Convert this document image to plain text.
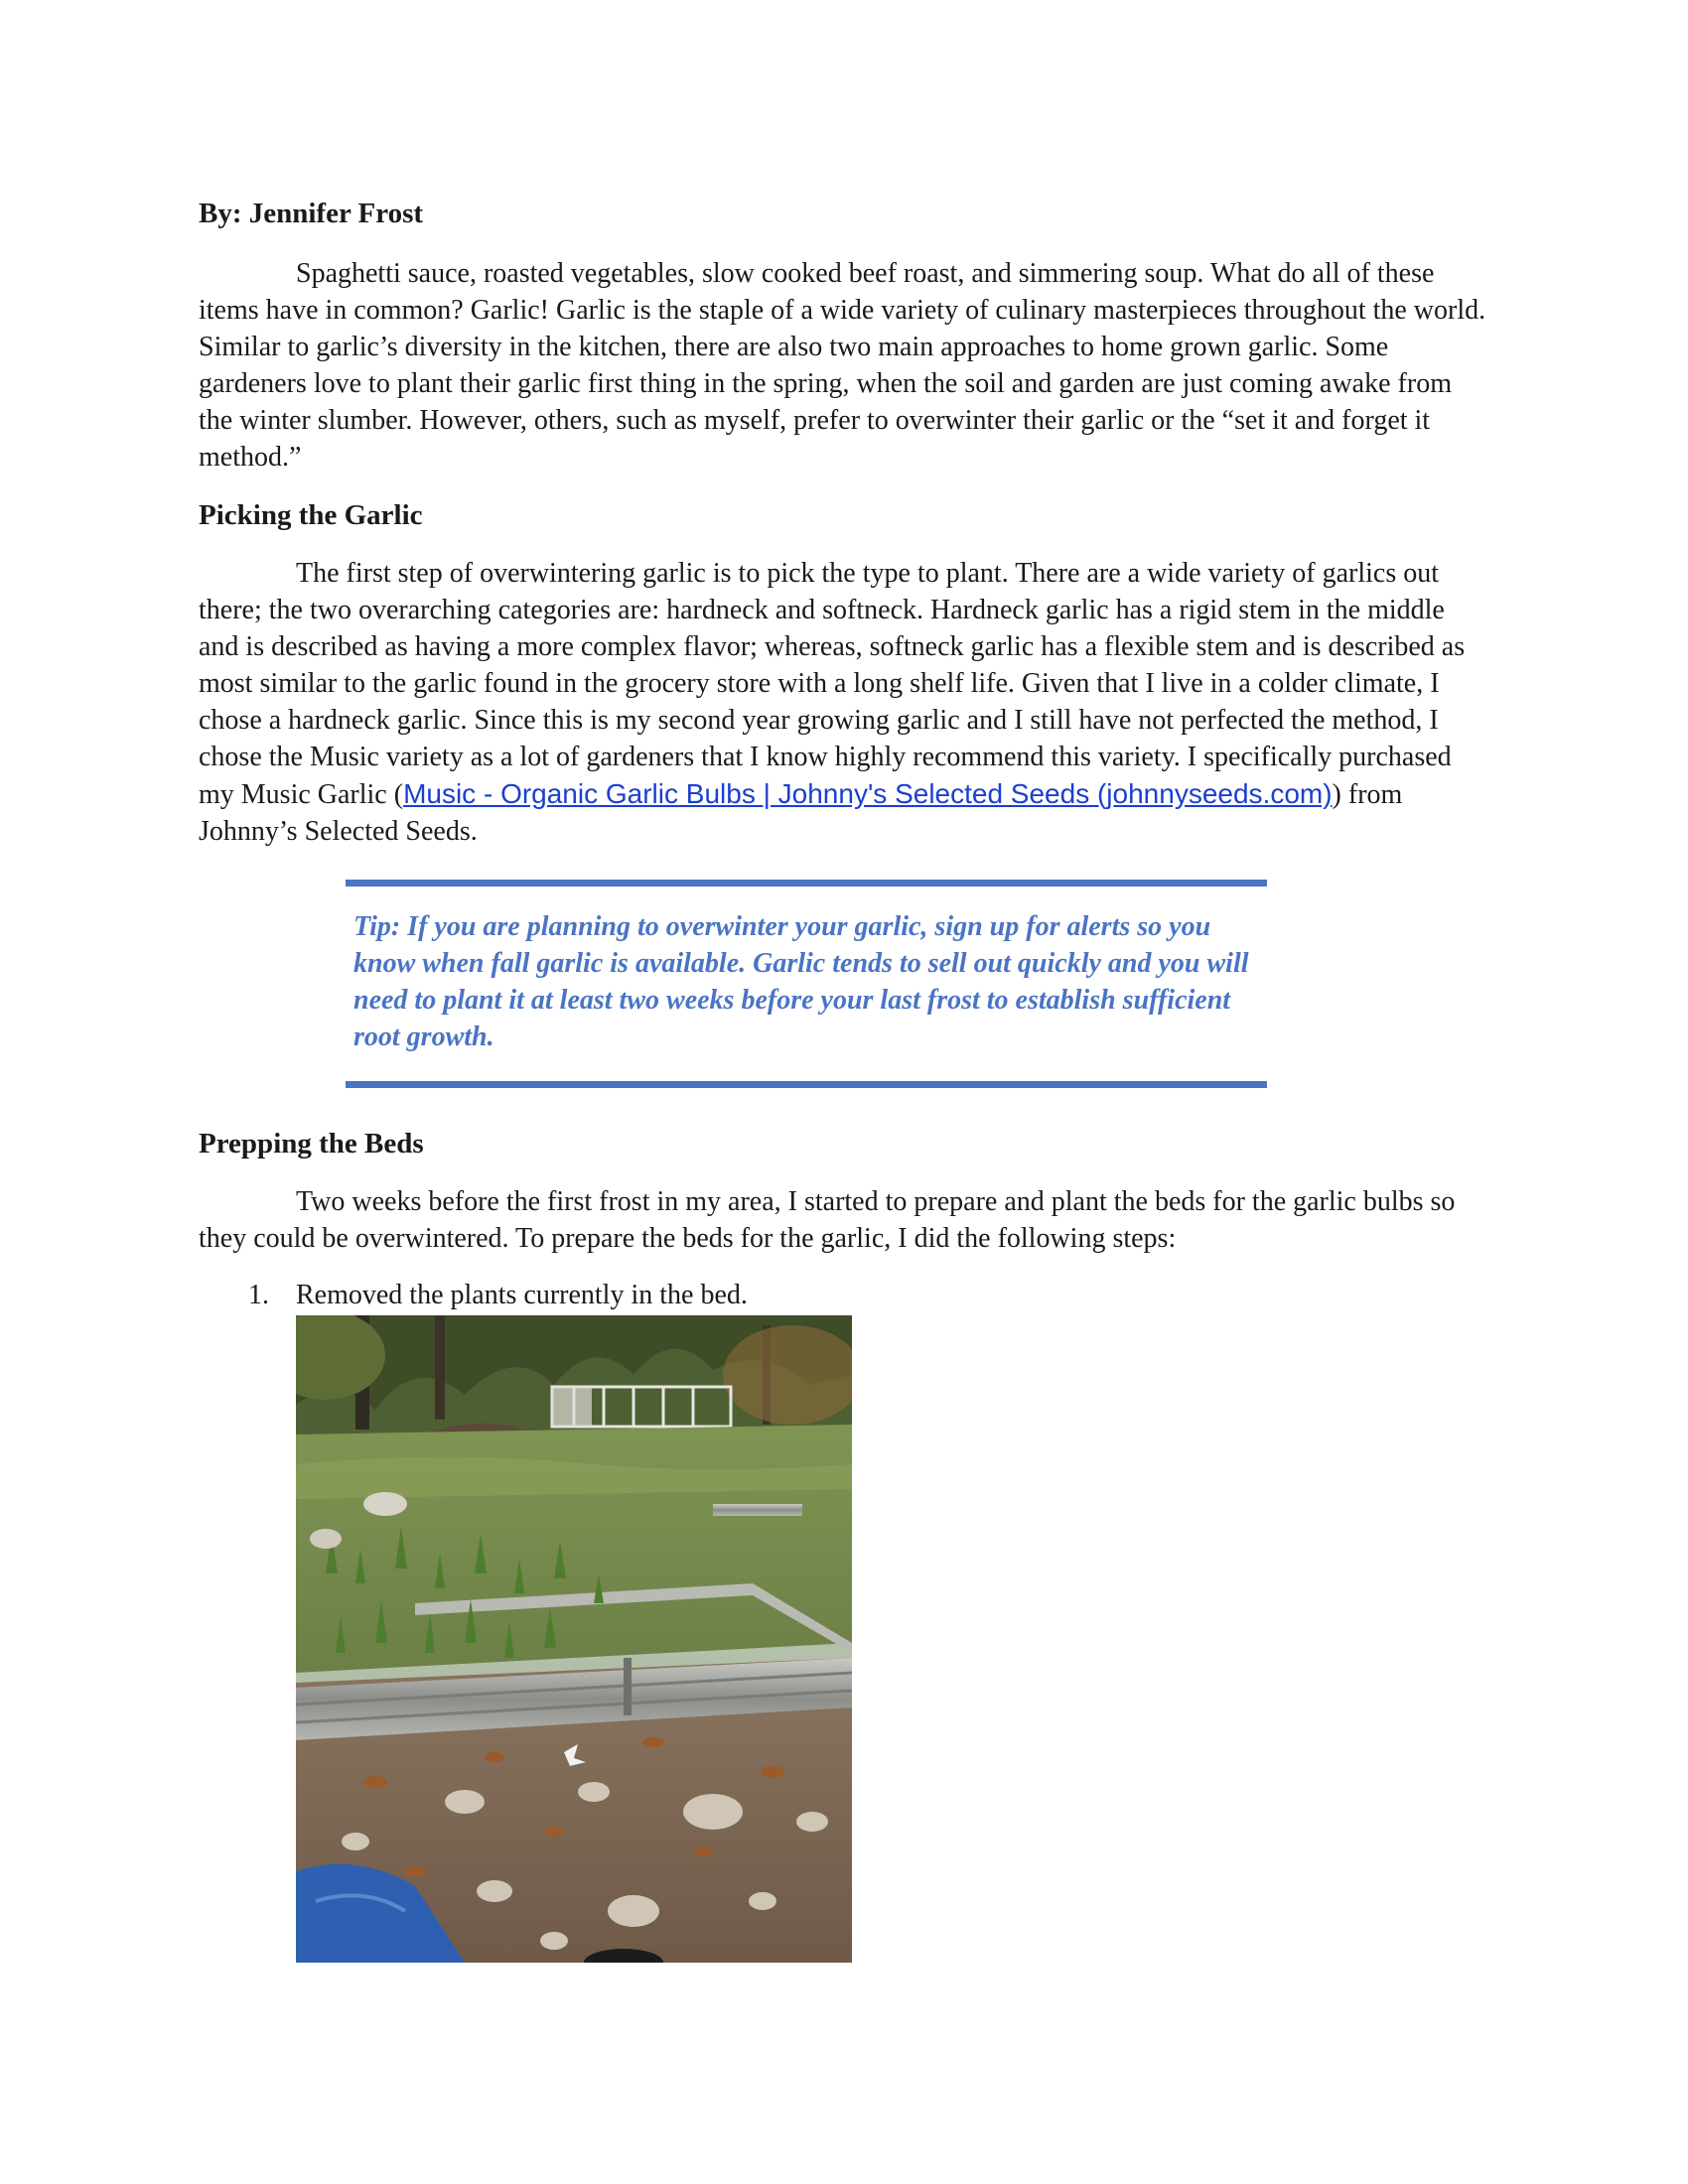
By: Jennifer Frost

Spaghetti sauce, roasted vegetables, slow cooked beef roast, and simmering soup. What do all of these items have in common? Garlic! Garlic is the staple of a wide variety of culinary masterpieces throughout the world. Similar to garlic’s diversity in the kitchen, there are also two main approaches to home grown garlic. Some gardeners love to plant their garlic first thing in the spring, when the soil and garden are just coming awake from the winter slumber. However, others, such as myself, prefer to overwinter their garlic or the “set it and forget it method.”

Picking the Garlic

The first step of overwintering garlic is to pick the type to plant. There are a wide variety of garlics out there; the two overarching categories are: hardneck and softneck. Hardneck garlic has a rigid stem in the middle and is described as having a more complex flavor; whereas, softneck garlic has a flexible stem and is described as most similar to the garlic found in the grocery store with a long shelf life. Given that I live in a colder climate, I chose a hardneck garlic. Since this is my second year growing garlic and I still have not perfected the method, I chose the Music variety as a lot of gardeners that I know highly recommend this variety. I specifically purchased my Music Garlic (Music - Organic Garlic Bulbs | Johnny's Selected Seeds (johnnyseeds.com)) from Johnny’s Selected Seeds.

Tip: If you are planning to overwinter your garlic, sign up for alerts so you know when fall garlic is available. Garlic tends to sell out quickly and you will need to plant it at least two weeks before your last frost to establish sufficient root growth.

Prepping the Beds

Two weeks before the first frost in my area, I started to prepare and plant the beds for the garlic bulbs so they could be overwintered. To prepare the beds for the garlic, I did the following steps:

1. Removed the plants currently in the bed.
